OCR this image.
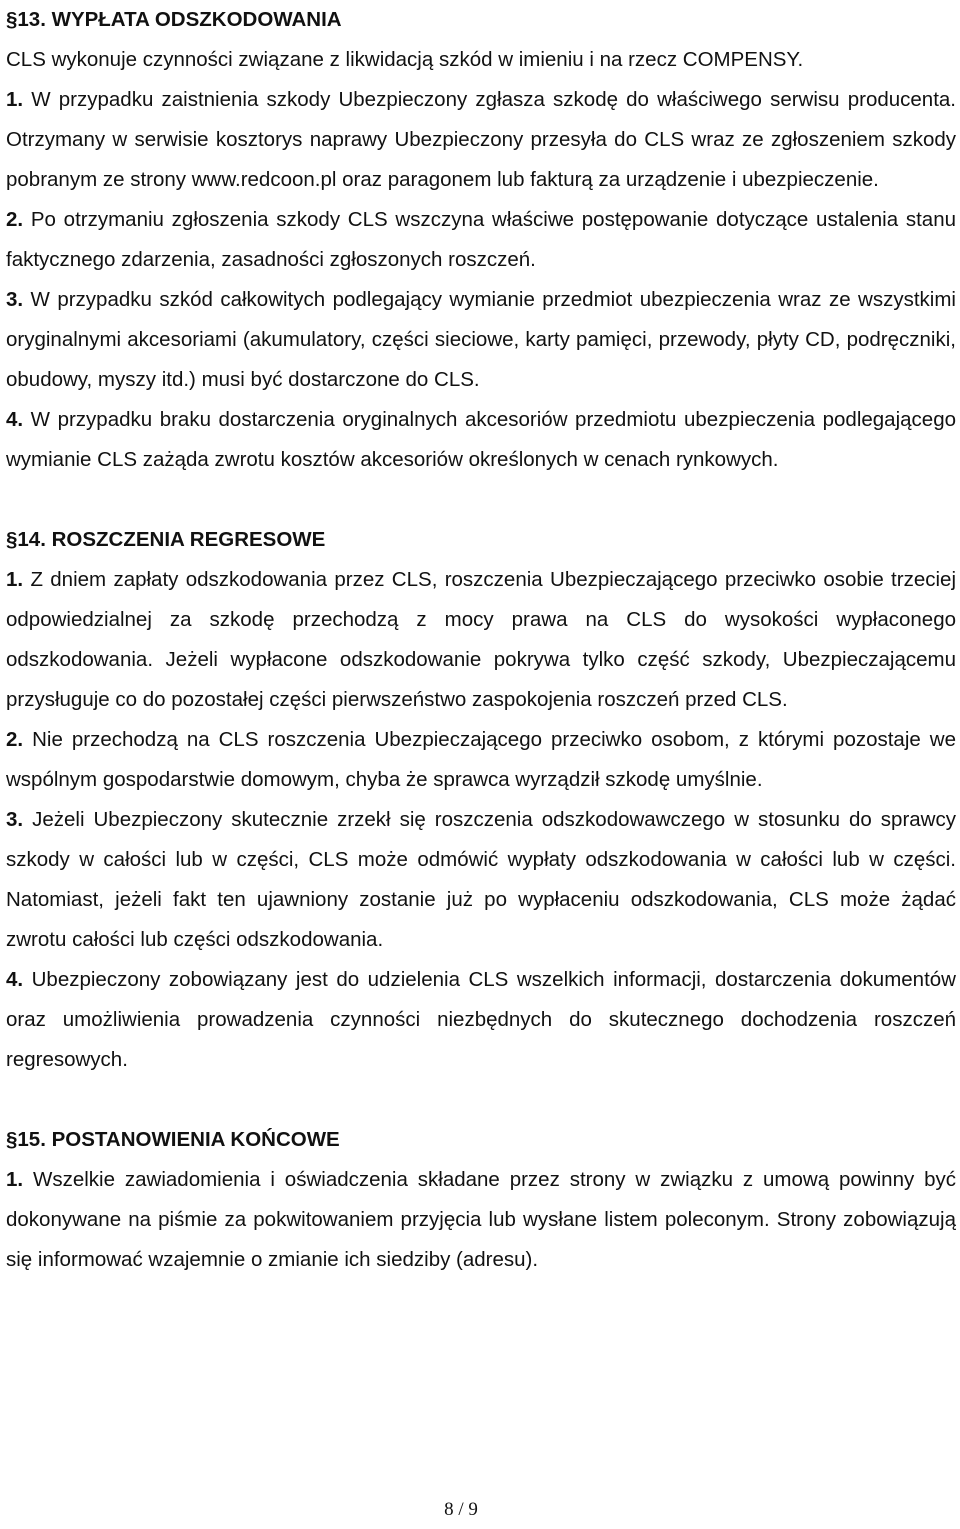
§13. WYPŁATA ODSZKODOWANIA

CLS wykonuje czynności związane z likwidacją szkód w imieniu i na rzecz COMPENSY.

1. W przypadku zaistnienia szkody Ubezpieczony zgłasza szkodę do właściwego serwisu producenta. Otrzymany w serwisie kosztorys naprawy Ubezpieczony przesyła do CLS wraz ze zgłoszeniem szkody pobranym ze strony www.redcoon.pl oraz paragonem lub fakturą za urządzenie i ubezpieczenie.

2. Po otrzymaniu zgłoszenia szkody CLS wszczyna właściwe postępowanie dotyczące ustalenia stanu faktycznego zdarzenia, zasadności zgłoszonych roszczeń.

3. W przypadku szkód całkowitych podlegający wymianie przedmiot ubezpieczenia wraz ze wszystkimi oryginalnymi akcesoriami (akumulatory, części sieciowe, karty pamięci, przewody, płyty CD, podręczniki, obudowy, myszy itd.) musi być dostarczone do CLS.

4. W przypadku braku dostarczenia oryginalnych akcesoriów przedmiotu ubezpieczenia podlegającego wymianie CLS zażąda zwrotu kosztów akcesoriów określonych w cenach rynkowych.

§14. ROSZCZENIA REGRESOWE

1. Z dniem zapłaty odszkodowania przez CLS, roszczenia Ubezpieczającego przeciwko osobie trzeciej odpowiedzialnej za szkodę przechodzą z mocy prawa na CLS do wysokości wypłaconego odszkodowania. Jeżeli wypłacone odszkodowanie pokrywa tylko część szkody, Ubezpieczającemu przysługuje co do pozostałej części pierwszeństwo zaspokojenia roszczeń przed CLS.

2. Nie przechodzą na CLS roszczenia Ubezpieczającego przeciwko osobom, z którymi pozostaje we wspólnym gospodarstwie domowym, chyba że sprawca wyrządził szkodę umyślnie.

3. Jeżeli Ubezpieczony skutecznie zrzekł się roszczenia odszkodowawczego w stosunku do sprawcy szkody w całości lub w części, CLS może odmówić wypłaty odszkodowania w całości lub w części. Natomiast, jeżeli fakt ten ujawniony zostanie już po wypłaceniu odszkodowania, CLS może żądać zwrotu całości lub części odszkodowania.

4. Ubezpieczony zobowiązany jest do udzielenia CLS wszelkich informacji, dostarczenia dokumentów oraz umożliwienia prowadzenia czynności niezbędnych do skutecznego dochodzenia roszczeń regresowych.

§15. POSTANOWIENIA KOŃCOWE

1. Wszelkie zawiadomienia i oświadczenia składane przez strony w związku z umową powinny być dokonywane na piśmie za pokwitowaniem przyjęcia lub wysłane listem poleconym. Strony zobowiązują się informować wzajemnie o zmianie ich siedziby (adresu).

8 / 9
